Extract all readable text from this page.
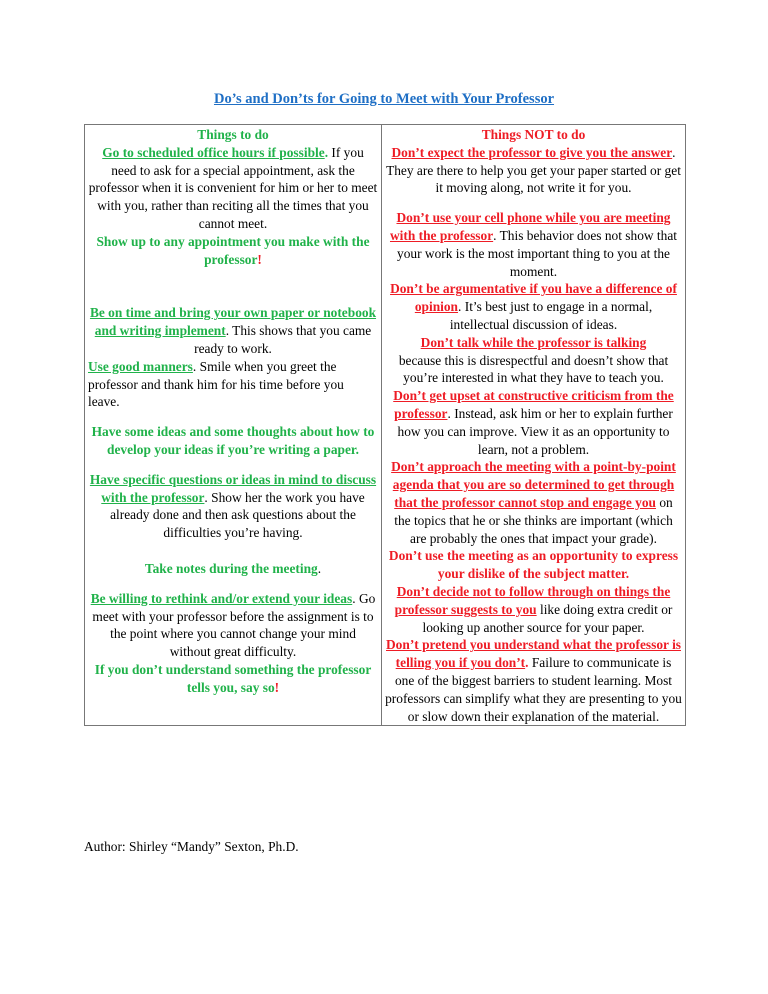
Do’s and Don’ts for Going to Meet with Your Professor
Things to do
Go to scheduled office hours if possible. If you need to ask for a special appointment, ask the professor when it is convenient for him or her to meet with you, rather than reciting all the times that you cannot meet.
Show up to any appointment you make with the professor!
Be on time and bring your own paper or notebook and writing implement. This shows that you came ready to work.
Use good manners. Smile when you greet the professor and thank him for his time before you leave.
Have some ideas and some thoughts about how to develop your ideas if you’re writing a paper.
Have specific questions or ideas in mind to discuss with the professor. Show her the work you have already done and then ask questions about the difficulties you’re having.
Take notes during the meeting.
Be willing to rethink and/or extend your ideas. Go meet with your professor before the assignment is to the point where you cannot change your mind without great difficulty.
If you don’t understand something the professor tells you, say so!

Things NOT to do
Don’t expect the professor to give you the answer. They are there to help you get your paper started or get it moving along, not write it for you.
Don’t use your cell phone while you are meeting with the professor. This behavior does not show that your work is the most important thing to you at the moment.
Don’t be argumentative if you have a difference of opinion. It’s best just to engage in a normal, intellectual discussion of ideas.
Don’t talk while the professor is talking
because this is disrespectful and doesn’t show that you’re interested in what they have to teach you.
Don’t get upset at constructive criticism from the professor. Instead, ask him or her to explain further how you can improve. View it as an opportunity to learn, not a problem.
Don’t approach the meeting with a point-by-point agenda that you are so determined to get through that the professor cannot stop and engage you on the topics that he or she thinks are important (which are probably the ones that impact your grade).
Don’t use the meeting as an opportunity to express your dislike of the subject matter.
Don’t decide not to follow through on things the professor suggests to you like doing extra credit or looking up another source for your paper.
Don’t pretend you understand what the professor is telling you if you don’t. Failure to communicate is one of the biggest barriers to student learning. Most professors can simplify what they are presenting to you or slow down their explanation of the material.
Author: Shirley “Mandy” Sexton, Ph.D.
